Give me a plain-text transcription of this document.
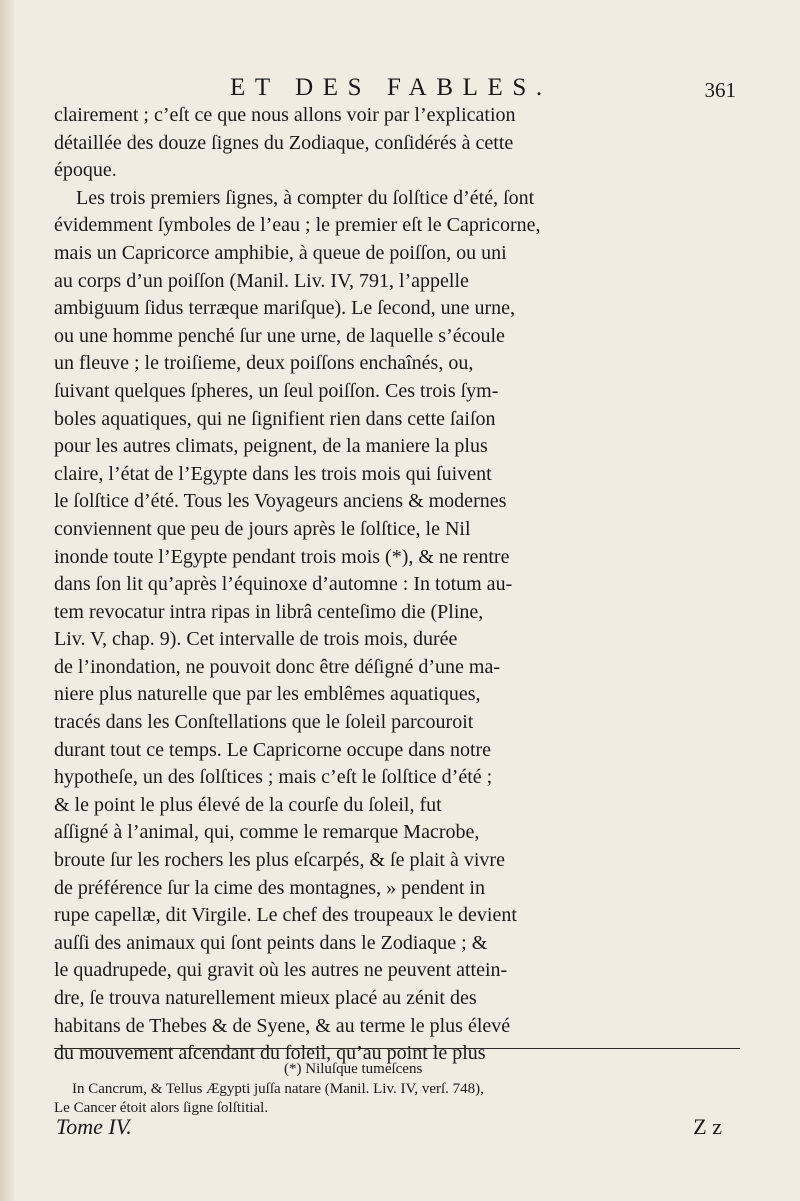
ET DES FABLES.	361
clairement ; c’eſt ce que nous allons voir par l’explication
détaillée des douze ſignes du Zodiaque, conſidérés à cette
époque.
Les trois premiers ſignes, à compter du ſolſtice d’été, ſont
évidemment ſymboles de l’eau ; le premier eſt le Capricorne,
mais un Capricorce amphibie, à queue de poiſſon, ou uni
au corps d’un poiſſon (Manil. Liv. IV, 791, l’appelle
ambiguum ſidus terræque mariſque). Le ſecond, une urne,
ou une homme penché ſur une urne, de laquelle s’écoule
un fleuve ; le troiſieme, deux poiſſons enchaînés, ou,
ſuivant quelques ſpheres, un ſeul poiſſon. Ces trois ſym-
boles aquatiques, qui ne ſignifient rien dans cette ſaiſon
pour les autres climats, peignent, de la maniere la plus
claire, l’état de l’Egypte dans les trois mois qui ſuivent
le ſolſtice d’été. Tous les Voyageurs anciens & modernes
conviennent que peu de jours après le ſolſtice, le Nil
inonde toute l’Egypte pendant trois mois (*), & ne rentre
dans ſon lit qu’après l’équinoxe d’automne : In totum au-
tem revocatur intra ripas in librâ centeſimo die (Pline,
Liv. V, chap. 9). Cet intervalle de trois mois, durée
de l’inondation, ne pouvoit donc être déſigné d’une ma-
niere plus naturelle que par les emblêmes aquatiques,
tracés dans les Conſtellations que le ſoleil parcouroit
durant tout ce temps. Le Capricorne occupe dans notre
hypotheſe, un des ſolſtices ; mais c’eſt le ſolſtice d’été ;
& le point le plus élevé de la courſe du ſoleil, fut
aſſigné à l’animal, qui, comme le remarque Macrobe,
broute ſur les rochers les plus eſcarpés, & ſe plait à vivre
de préférence ſur la cime des montagnes, » pendent in
rupe capellæ, dit Virgile. Le chef des troupeaux le devient
auſſi des animaux qui ſont peints dans le Zodiaque ; &
le quadrupede, qui gravit où les autres ne peuvent attein-
dre, ſe trouva naturellement mieux placé au zénit des
habitans de Thebes & de Syene, & au terme le plus élevé
du mouvement aſcendant du ſoleil, qu’au point le plus
(*) Niluſque tumeſcens
In Cancrum, & Tellus Ægypti juſſa natare (Manil. Liv. IV, verſ. 748),
Le Cancer étoit alors ſigne ſolſtitial.
Tome IV.	Z z
